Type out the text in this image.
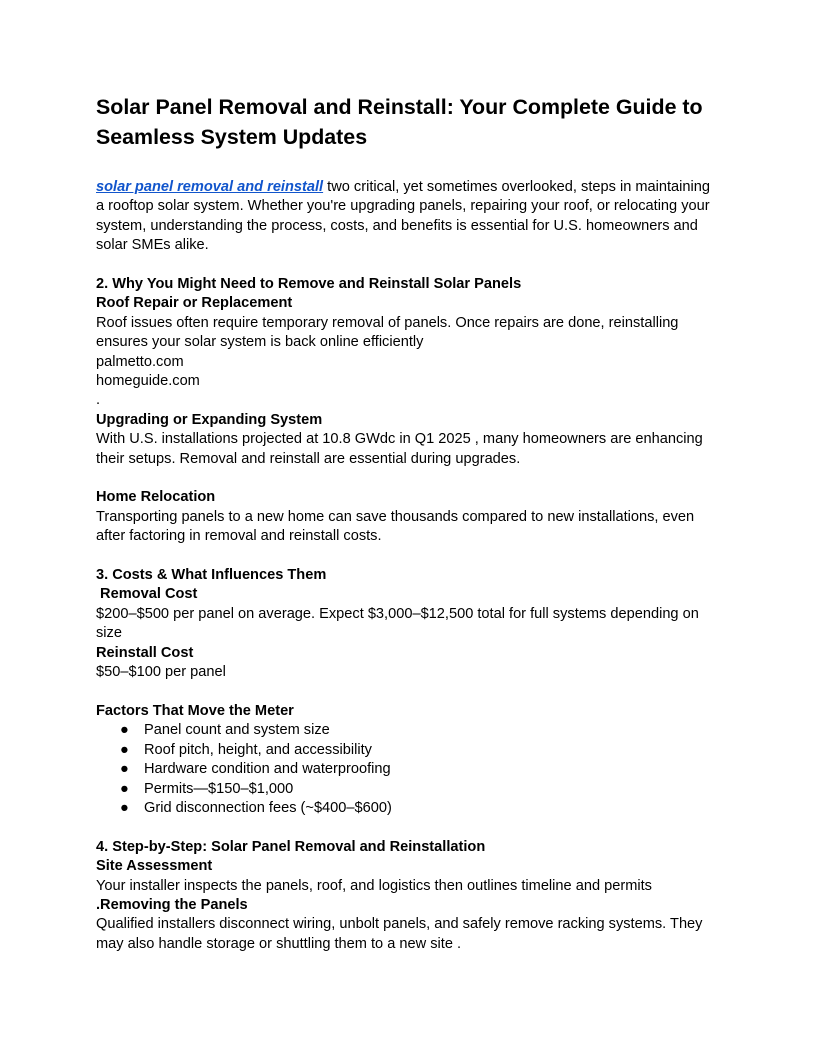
Solar Panel Removal and Reinstall: Your Complete Guide to Seamless System Updates

solar panel removal and reinstall two critical, yet sometimes overlooked, steps in maintaining a rooftop solar system. Whether you're upgrading panels, repairing your roof, or relocating your system, understanding the process, costs, and benefits is essential for U.S. homeowners and solar SMEs alike.

2. Why You Might Need to Remove and Reinstall Solar Panels

Roof Repair or Replacement

Roof issues often require temporary removal of panels. Once repairs are done, reinstalling ensures your solar system is back online efficiently

palmetto.com

homeguide.com

.

Upgrading or Expanding System

With U.S. installations projected at 10.8 GWdc in Q1 2025 , many homeowners are enhancing their setups. Removal and reinstall are essential during upgrades.

Home Relocation

Transporting panels to a new home can save thousands compared to new installations, even after factoring in removal and reinstall costs.

3. Costs & What Influences Them

Removal Cost

$200–$500 per panel on average. Expect $3,000–$12,500 total for full systems depending on size

Reinstall Cost

$50–$100 per panel

Factors That Move the Meter

● Panel count and system size
● Roof pitch, height, and accessibility
● Hardware condition and waterproofing
● Permits—$150–$1,000
● Grid disconnection fees (~$400–$600)

4. Step-by-Step: Solar Panel Removal and Reinstallation

Site Assessment

Your installer inspects the panels, roof, and logistics then outlines timeline and permits

.Removing the Panels

Qualified installers disconnect wiring, unbolt panels, and safely remove racking systems. They may also handle storage or shuttling them to a new site .
